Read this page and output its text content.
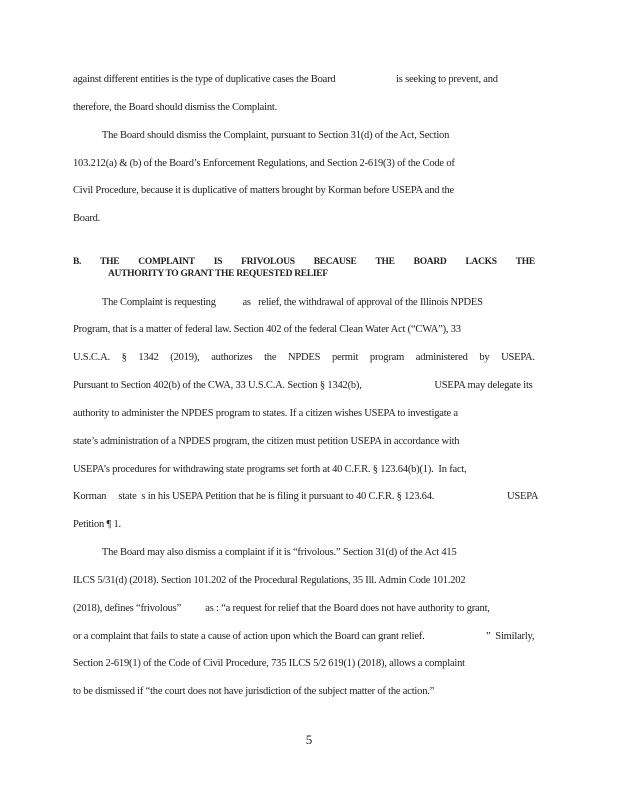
against different entities is the type of duplicative cases the Board                         is seeking to prevent, and
therefore, the Board should dismiss the Complaint.
The Board should dismiss the Complaint, pursuant to Section 31(d) of the Act, Section
103.212(a) & (b) of the Board’s Enforcement Regulations, and Section 2-619(3) of the Code of
Civil Procedure, because it is duplicative of matters brought by Korman before USEPA and the
Board.
B. THE COMPLAINT IS FRIVOLOUS BECAUSE THE BOARD LACKS THE
AUTHORITY TO GRANT THE REQUESTED RELIEF
The Complaint is requesting           as   relief, the withdrawal of approval of the Illinois NPDES
Program, that is a matter of federal law. Section 402 of the federal Clean Water Act (“CWA”), 33
U.S.C.A. § 1342 (2019), authorizes the NPDES permit program administered by USEPA.
Pursuant to Section 402(b) of the CWA, 33 U.S.C.A. Section § 1342(b),                              USEPA may delegate its
authority to administer the NPDES program to states. If a citizen wishes USEPA to investigate a
state’s administration of a NPDES program, the citizen must petition USEPA in accordance with
USEPA’s procedures for withdrawing state programs set forth at 40 C.F.R. § 123.64(b)(1).  In fact,
Korman     state  s in his USEPA Petition that he is filing it pursuant to 40 C.F.R. § 123.64.	USEPA
Petition ¶ 1.
The Board may also dismiss a complaint if it is “frivolous.” Section 31(d) of the Act 415
ILCS 5/31(d) (2018). Section 101.202 of the Procedural Regulations, 35 Ill. Admin Code 101.202
(2018), defines “frivolous”          as : “a request for relief that the Board does not have authority to grant,
or a complaint that fails to state a cause of action upon which the Board can grant relief.	”  Similarly,
Section 2-619(1) of the Code of Civil Procedure, 735 ILCS 5/2 619(1) (2018), allows a complaint
to be dismissed if “the court does not have jurisdiction of the subject matter of the action.”
5
